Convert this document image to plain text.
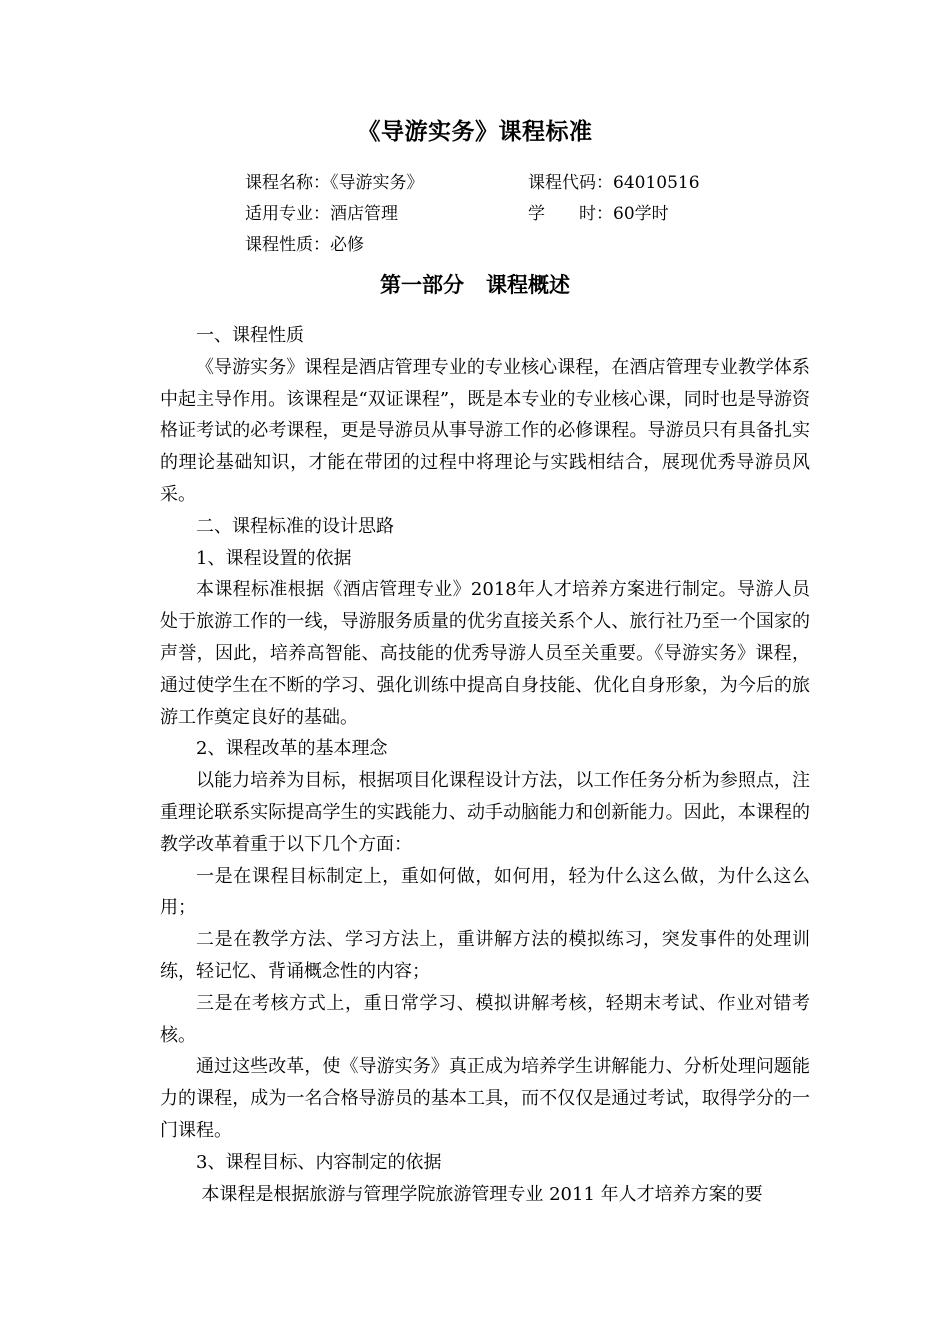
《导游实务》课程标准
课程名称：《导游实务》	课程代码：64010516
适用专业：酒店管理	学　　时：60学时
课程性质：必修
第一部分 课程概述

一、课程性质

《导游实务》课程是酒店管理专业的专业核心课程，在酒店管理专业教学体系中起主导作用。该课程是“双证课程”，既是本专业的专业核心课，同时也是导游资格证考试的必考课程，更是导游员从事导游工作的必修课程。导游员只有具备扎实的理论基础知识，才能在带团的过程中将理论与实践相结合，展现优秀导游员风采。

二、课程标准的设计思路

1、课程设置的依据

本课程标准根据《酒店管理专业》2018年人才培养方案进行制定。导游人员处于旅游工作的一线，导游服务质量的优劣直接关系个人、旅行社乃至一个国家的声誉，因此，培养高智能、高技能的优秀导游人员至关重要。《导游实务》课程，通过使学生在不断的学习、强化训练中提高自身技能、优化自身形象，为今后的旅游工作奠定良好的基础。

2、课程改革的基本理念

以能力培养为目标，根据项目化课程设计方法，以工作任务分析为参照点，注重理论联系实际提高学生的实践能力、动手动脑能力和创新能力。因此，本课程的教学改革着重于以下几个方面：

一是在课程目标制定上，重如何做，如何用，轻为什么这么做，为什么这么用；

二是在教学方法、学习方法上，重讲解方法的模拟练习，突发事件的处理训练，轻记忆、背诵概念性的内容；

三是在考核方式上，重日常学习、模拟讲解考核，轻期末考试、作业对错考核。

通过这些改革，使《导游实务》真正成为培养学生讲解能力、分析处理问题能力的课程，成为一名合格导游员的基本工具，而不仅仅是通过考试，取得学分的一门课程。

3、课程目标、内容制定的依据

本课程是根据旅游与管理学院旅游管理专业 2011 年人才培养方案的要
